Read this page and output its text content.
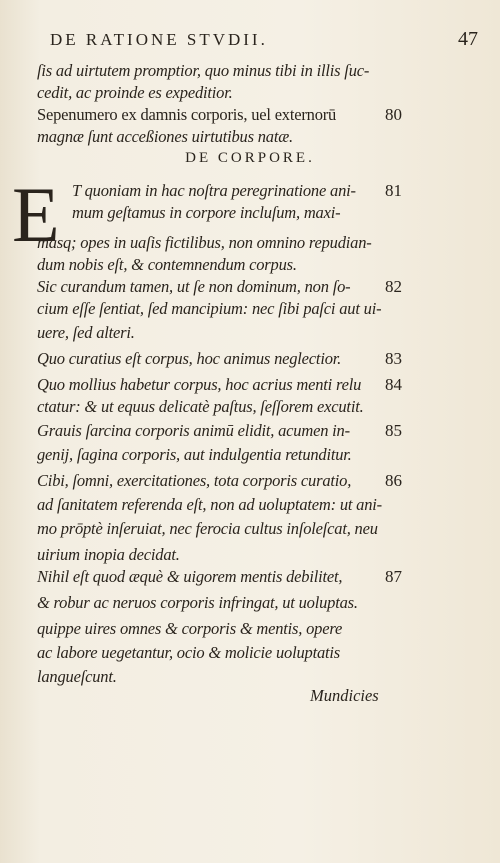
DE RATIONE STVDII.	47
DE CORPORE.
E
ſis ad uirtutem promptior, quo minus tibi in illis ſuc-
cedit, ac proinde es expeditior.
Sepenumero ex damnis corporis, uel externorū	80
magnæ ſunt acceßiones uirtutibus natæ.
T quoniam in hac noſtra peregrinatione ani-	81
mum geſtamus in corpore incluſum, maxi-
masq; opes in uaſis fictilibus, non omnino repudian-
dum nobis eſt, & contemnendum corpus.
Sic curandum tamen, ut ſe non dominum, non ſo-	82
cium eſſe ſentiat, ſed mancipium: nec ſibi paſci aut ui-
uere, ſed alteri.
Quo curatius eſt corpus, hoc animus neglectior.	83
Quo mollius habetur corpus, hoc acrius menti relu	84
ctatur: & ut equus delicatè paſtus, ſeſſorem excutit.
Grauis ſarcina corporis animū elidit, acumen in-	85
genij, ſagina corporis, aut indulgentia retunditur.
Cibi, ſomni, exercitationes, tota corporis curatio,	86
ad ſanitatem referenda eſt, non ad uoluptatem: ut ani-
mo prōptè inſeruiat, nec ferocia cultus inſoleſcat, neu
uirium inopia decidat.
Nihil eſt quod æquè & uigorem mentis debilitet,	87
& robur ac neruos corporis infringat, ut uoluptas.
quippe uires omnes & corporis & mentis, opere
ac labore uegetantur, ocio & molicie uoluptatis
langueſcunt.
Mundicies
